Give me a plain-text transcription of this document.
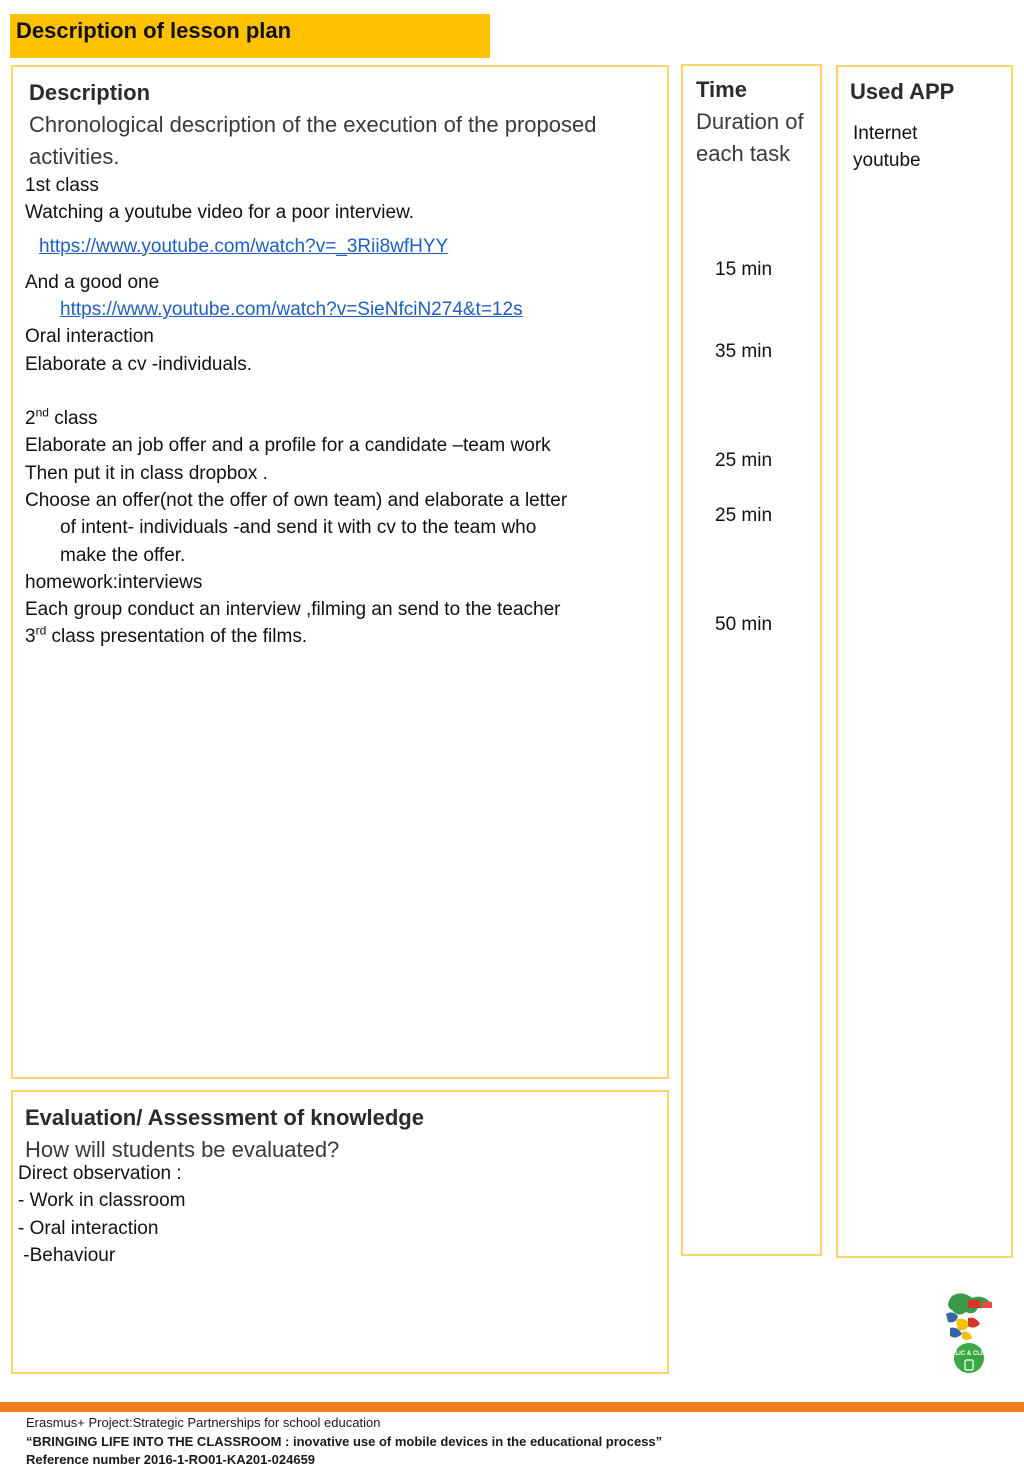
Description of lesson plan
Description
Chronological description of the execution of the proposed activities.
1st class
Watching a youtube video for a poor interview.
https://www.youtube.com/watch?v=_3Rii8wfHYY
And a good one
https://www.youtube.com/watch?v=SieNfciN274&t=12s
Oral interaction
Elaborate a cv -individuals.
2nd class
Elaborate an job offer and a profile for a candidate –team work
Then put it in class dropbox .
Choose an offer(not the offer of own team) and elaborate a letter
of intent- individuals -and send it with cv to the team who
make the offer.
homework:interviews
Each group conduct an interview ,filming an send to the teacher
3rd class presentation of the films.
Time
Duration of each task
15 min
35 min
25 min
25 min
50 min
Used APP
Internet
youtube
Evaluation/ Assessment of knowledge
How will students be evaluated?
Direct observation :
- Work in classroom
- Oral interaction
-Behaviour
BLIC & CLIC
Erasmus+ Project:Strategic Partnerships for school education
“BRINGING LIFE INTO THE CLASSROOM : inovative use of mobile devices in the educational process”
Reference number 2016-1-RO01-KA201-024659
